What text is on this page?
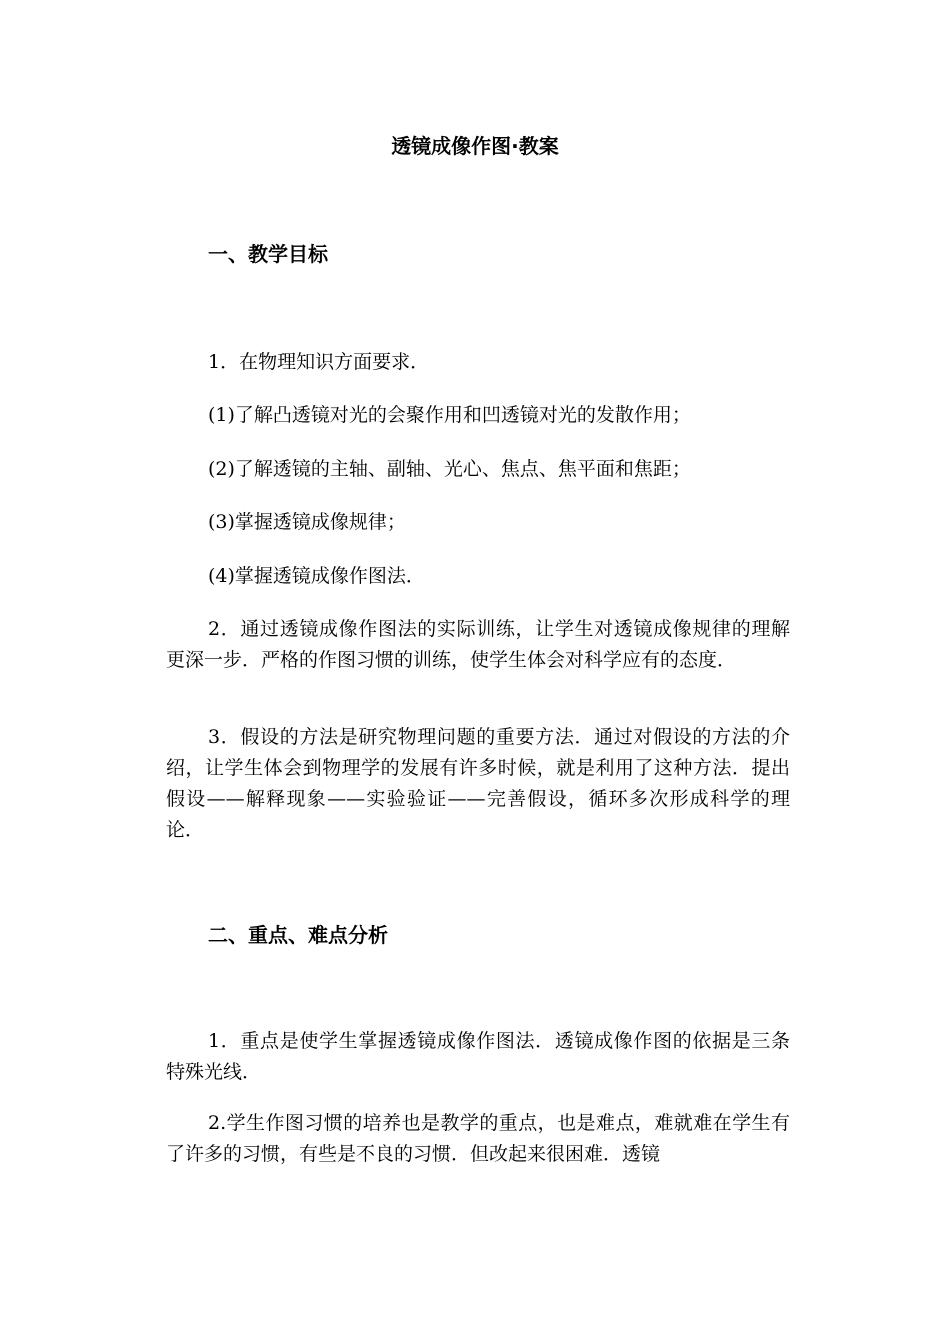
透镜成像作图·教案
一、教学目标

1．在物理知识方面要求．

(1)了解凸透镜对光的会聚作用和凹透镜对光的发散作用；

(2)了解透镜的主轴、副轴、光心、焦点、焦平面和焦距；

(3)掌握透镜成像规律；

(4)掌握透镜成像作图法．

2．通过透镜成像作图法的实际训练，让学生对透镜成像规律的理解更深一步．严格的作图习惯的训练，使学生体会对科学应有的态度．

3．假设的方法是研究物理问题的重要方法．通过对假设的方法的介绍，让学生体会到物理学的发展有许多时候，就是利用了这种方法．提出假设——解释现象——实验验证——完善假设，循环多次形成科学的理论．

二、重点、难点分析

1．重点是使学生掌握透镜成像作图法．透镜成像作图的依据是三条特殊光线．

2.学生作图习惯的培养也是教学的重点，也是难点，难就难在学生有了许多的习惯，有些是不良的习惯．但改起来很困难．透镜
